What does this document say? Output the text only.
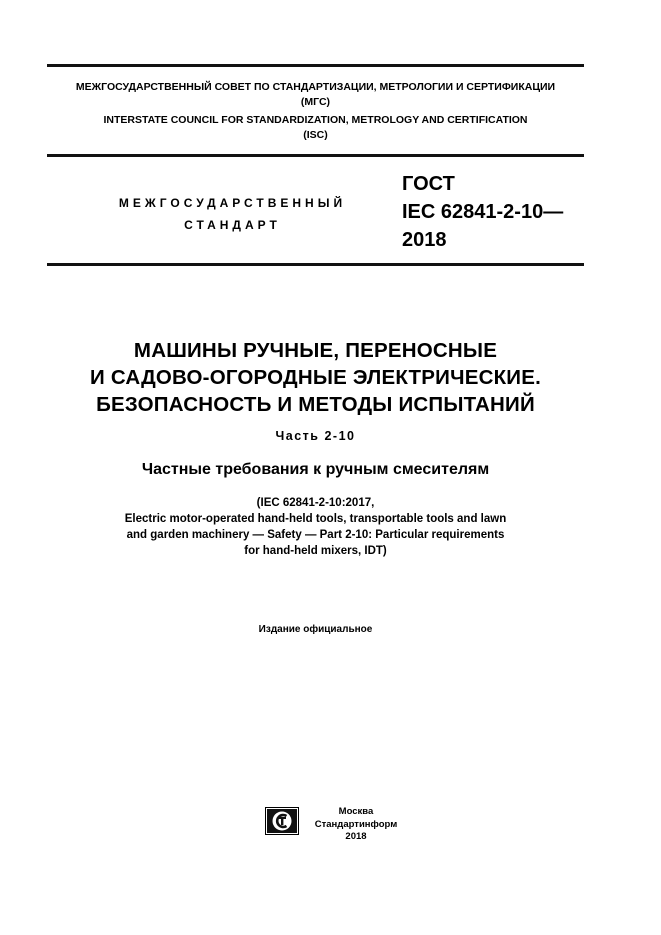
МЕЖГОСУДАРСТВЕННЫЙ СОВЕТ ПО СТАНДАРТИЗАЦИИ, МЕТРОЛОГИИ И СЕРТИФИКАЦИИ
(МГС)
INTERSTATE COUNCIL FOR STANDARDIZATION, METROLOGY AND CERTIFICATION
(ISC)
МЕЖГОСУДАРСТВЕННЫЙ
СТАНДАРТ
ГОСТ
IEC 62841-2-10—
2018
МАШИНЫ РУЧНЫЕ, ПЕРЕНОСНЫЕ
И САДОВО-ОГОРОДНЫЕ ЭЛЕКТРИЧЕСКИЕ.
БЕЗОПАСНОСТЬ И МЕТОДЫ ИСПЫТАНИЙ
Часть 2-10
Частные требования к ручным смесителям
(IEC 62841-2-10:2017,
Electric motor-operated hand-held tools, transportable tools and lawn
and garden machinery — Safety — Part 2-10: Particular requirements
for hand-held mixers, IDT)
Издание официальное
Москва
Стандартинформ
2018
